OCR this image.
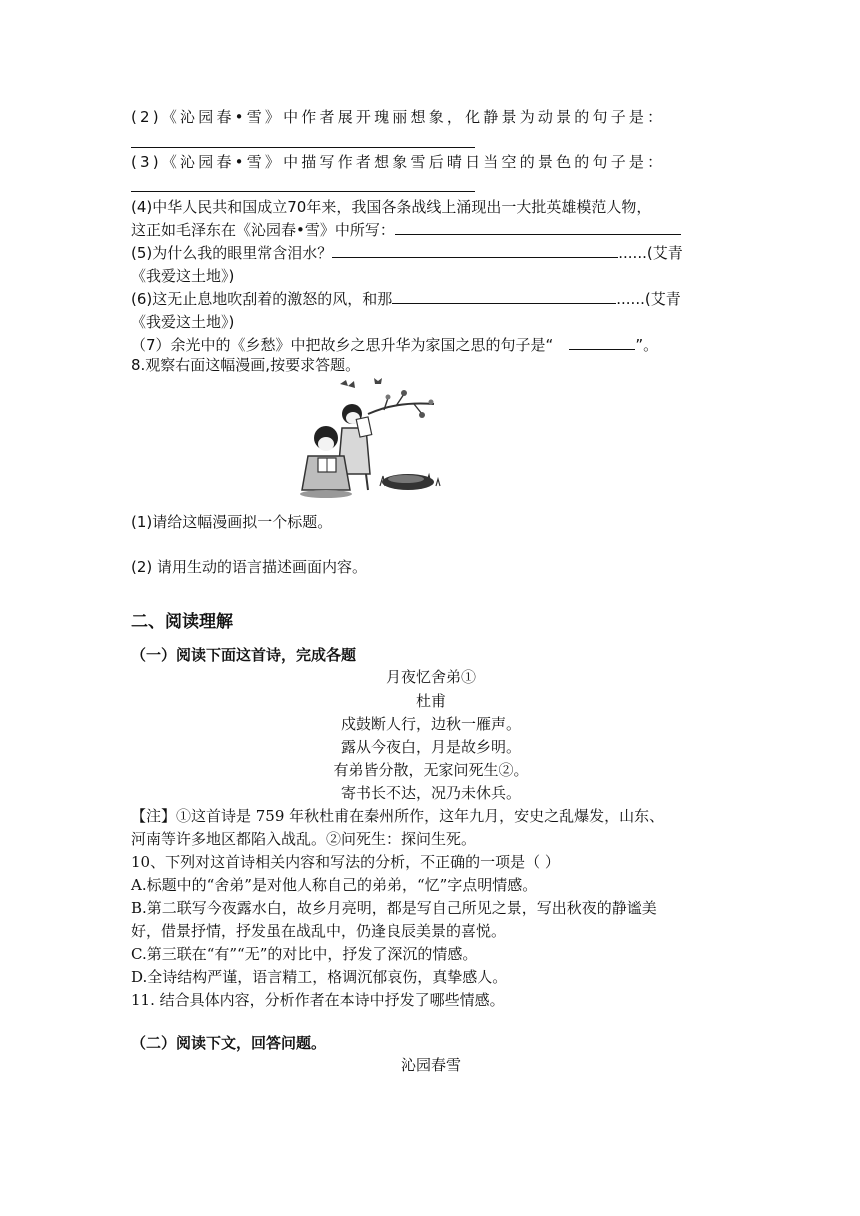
(2)《沁园春•雪》中作者展开瑰丽想象，化静景为动景的句子是：
(3)《沁园春•雪》中描写作者想象雪后晴日当空的景色的句子是：
(4)中华人民共和国成立70年来，我国各条战线上涌现出一大批英雄模范人物，
这正如毛泽东在《沁园春•雪》中所写：
(5)为什么我的眼里常含泪水？	......(艾青
《我爱这土地》)
(6)这无止息地吹刮着的激怒的风，和那	......(艾青
《我爱这土地》)
（7）余光中的《乡愁》中把故乡之思升华为家国之思的句子是“	”。
8.观察右面这幅漫画,按要求答题。
(1)请给这幅漫画拟一个标题。
(2) 请用生动的语言描述画面内容。
二、阅读理解
（一）阅读下面这首诗，完成各题
月夜忆舍弟①
杜甫
戍鼓断人行，边秋一雁声。
露从今夜白，月是故乡明。
有弟皆分散，无家问死生②。
寄书长不达，况乃未休兵。
【注】①这首诗是 759 年秋杜甫在秦州所作，这年九月，安史之乱爆发，山东、
河南等许多地区都陷入战乱。②问死生：探问生死。
10、下列对这首诗相关内容和写法的分析，不正确的一项是（ ）
A.标题中的“舍弟”是对他人称自己的弟弟，“忆”字点明情感。
B.第二联写今夜露水白，故乡月亮明，都是写自己所见之景，写出秋夜的静谧美
好，借景抒情，抒发虽在战乱中，仍逢良辰美景的喜悦。
C.第三联在“有”“无”的对比中，抒发了深沉的情感。
D.全诗结构严谨，语言精工，格调沉郁哀伤，真挚感人。
11. 结合具体内容，分析作者在本诗中抒发了哪些情感。
（二）阅读下文，回答问题。
沁园春雪
